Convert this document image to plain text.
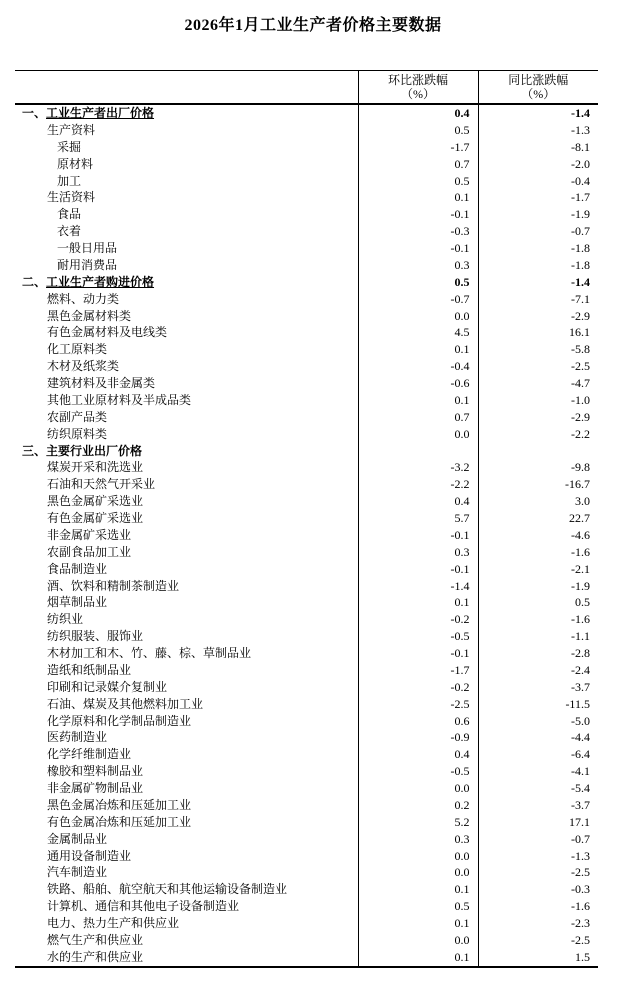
2026年1月工业生产者价格主要数据

环比涨跌幅
（%）

同比涨跌幅
（%）

一、工业生产者出厂价格	0.4	-1.4
生产资料	0.5	-1.3
采掘	-1.7	-8.1
原材料	0.7	-2.0
加工	0.5	-0.4
生活资料	0.1	-1.7
食品	-0.1	-1.9
衣着	-0.3	-0.7
一般日用品	-0.1	-1.8
耐用消费品	0.3	-1.8
二、工业生产者购进价格	0.5	-1.4
燃料、动力类	-0.7	-7.1
黑色金属材料类	0.0	-2.9
有色金属材料及电线类	4.5	16.1
化工原料类	0.1	-5.8
木材及纸浆类	-0.4	-2.5
建筑材料及非金属类	-0.6	-4.7
其他工业原材料及半成品类	0.1	-1.0
农副产品类	0.7	-2.9
纺织原料类	0.0	-2.2
三、主要行业出厂价格		
煤炭开采和洗选业	-3.2	-9.8
石油和天然气开采业	-2.2	-16.7
黑色金属矿采选业	0.4	3.0
有色金属矿采选业	5.7	22.7
非金属矿采选业	-0.1	-4.6
农副食品加工业	0.3	-1.6
食品制造业	-0.1	-2.1
酒、饮料和精制茶制造业	-1.4	-1.9
烟草制品业	0.1	0.5
纺织业	-0.2	-1.6
纺织服装、服饰业	-0.5	-1.1
木材加工和木、竹、藤、棕、草制品业	-0.1	-2.8
造纸和纸制品业	-1.7	-2.4
印刷和记录媒介复制业	-0.2	-3.7
石油、煤炭及其他燃料加工业	-2.5	-11.5
化学原料和化学制品制造业	0.6	-5.0
医药制造业	-0.9	-4.4
化学纤维制造业	0.4	-6.4
橡胶和塑料制品业	-0.5	-4.1
非金属矿物制品业	0.0	-5.4
黑色金属冶炼和压延加工业	0.2	-3.7
有色金属冶炼和压延加工业	5.2	17.1
金属制品业	0.3	-0.7
通用设备制造业	0.0	-1.3
汽车制造业	0.0	-2.5
铁路、船舶、航空航天和其他运输设备制造业	0.1	-0.3
计算机、通信和其他电子设备制造业	0.5	-1.6
电力、热力生产和供应业	0.1	-2.3
燃气生产和供应业	0.0	-2.5
水的生产和供应业	0.1	1.5
